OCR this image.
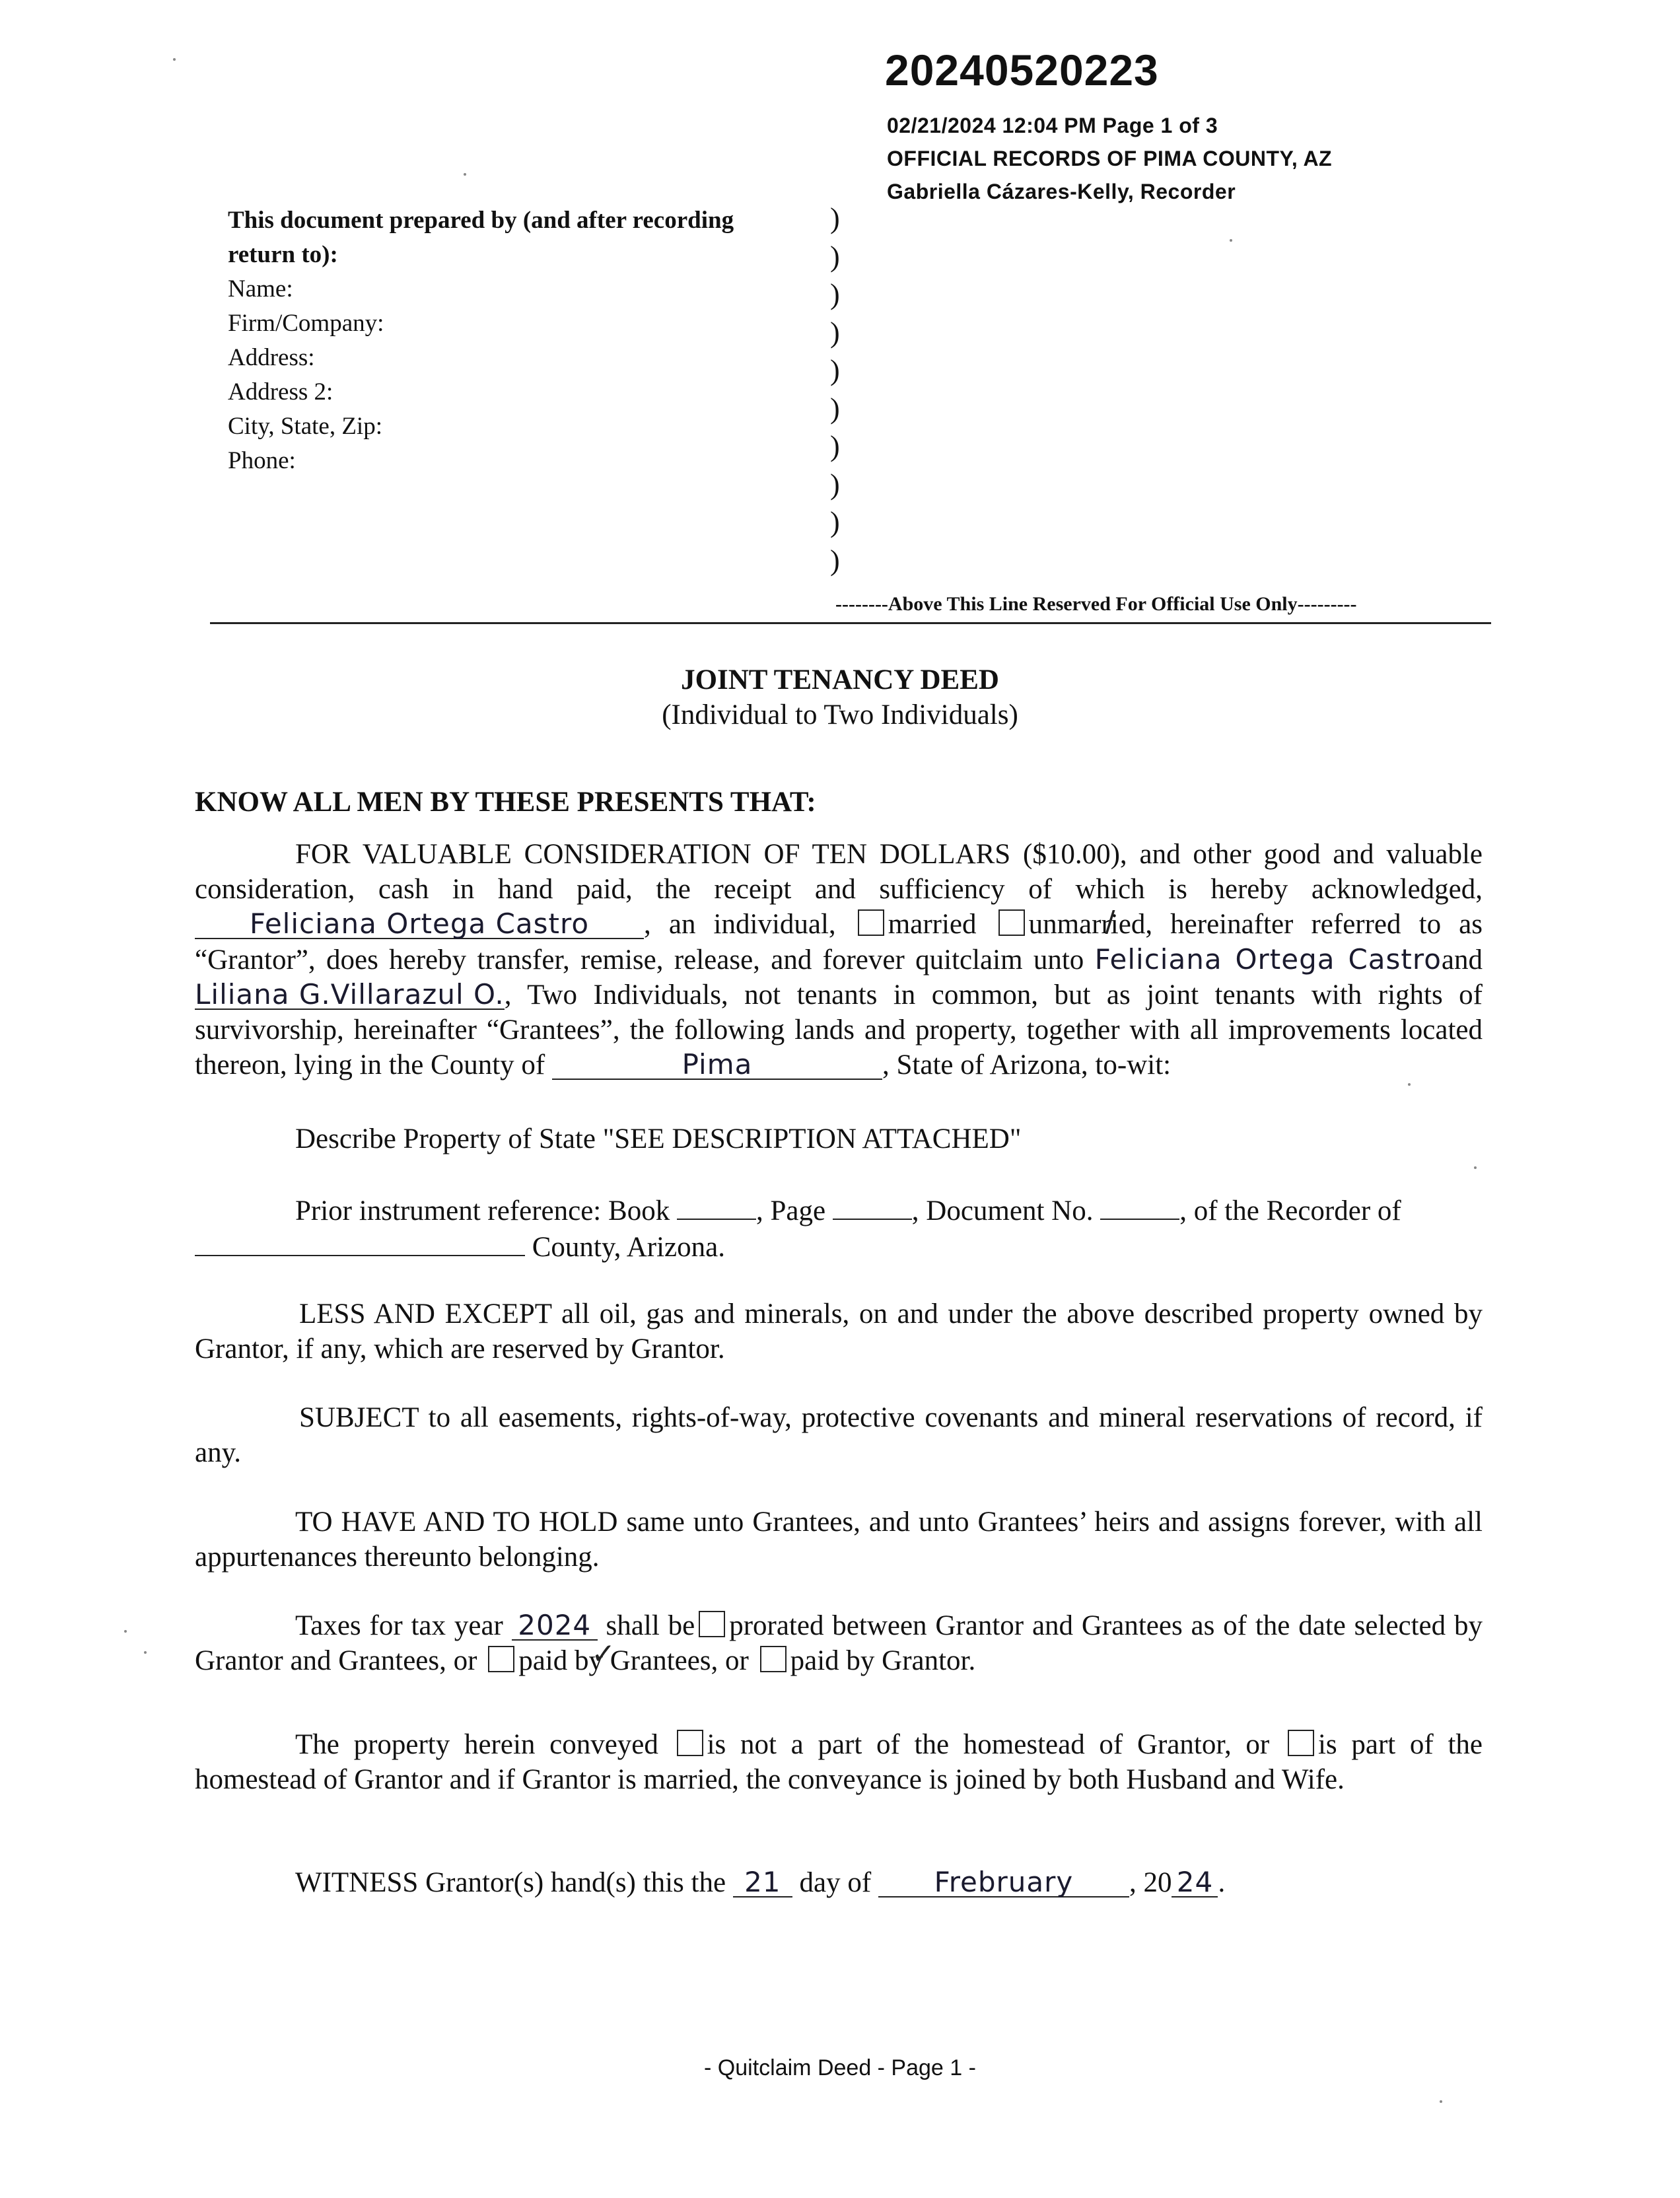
20240520223
02/21/2024 12:04 PM Page 1 of 3
OFFICIAL RECORDS OF PIMA COUNTY, AZ
Gabriella Cázares-Kelly, Recorder
This document prepared by (and after recording
return to):
Name:
Firm/Company:
Address:
Address 2:
City, State, Zip:
Phone:
)
)
)
)
)
)
)
)
)
)
--------Above This Line Reserved For Official Use Only---------
JOINT TENANCY DEED
(Individual to Two Individuals)
KNOW ALL MEN BY THESE PRESENTS THAT:
FOR VALUABLE CONSIDERATION OF TEN DOLLARS ($10.00), and other good and valuable consideration, cash in hand paid, the receipt and sufficiency of which is hereby acknowledged, Feliciana Ortega Castro , an individual, married / unmarried, hereinafter referred to as “Grantor”, does hereby transfer, remise, release, and forever quitclaim unto Feliciana Ortega Castroand Liliana G.Villarazul O., Two Individuals, not tenants in common, but as joint tenants with rights of survivorship, hereinafter “Grantees”, the following lands and property, together with all improvements located thereon, lying in the County of	Pima	, State of Arizona, to-wit:
Describe Property of State "SEE DESCRIPTION ATTACHED"
Prior instrument reference: Book	, Page	, Document No.	, of the Recorder of
County, Arizona.
LESS AND EXCEPT all oil, gas and minerals, on and under the above described property owned by Grantor, if any, which are reserved by Grantor.
SUBJECT to all easements, rights-of-way, protective covenants and mineral reservations of record, if any.
TO HAVE AND TO HOLD same unto Grantees, and unto Grantees’ heirs and assigns forever, with all appurtenances thereunto belonging.
Taxes for tax year 2024 shall be prorated between Grantor and Grantees as of the date selected by Grantor and Grantees, or ✓ paid by Grantees, or paid by Grantor.
The property herein conveyed is not a part of the homestead of Grantor, or is part of the homestead of Grantor and if Grantor is married, the conveyance is joined by both Husband and Wife.
WITNESS Grantor(s) hand(s) this the 21 day of Frebruary , 20 24 .
- Quitclaim Deed - Page 1 -
